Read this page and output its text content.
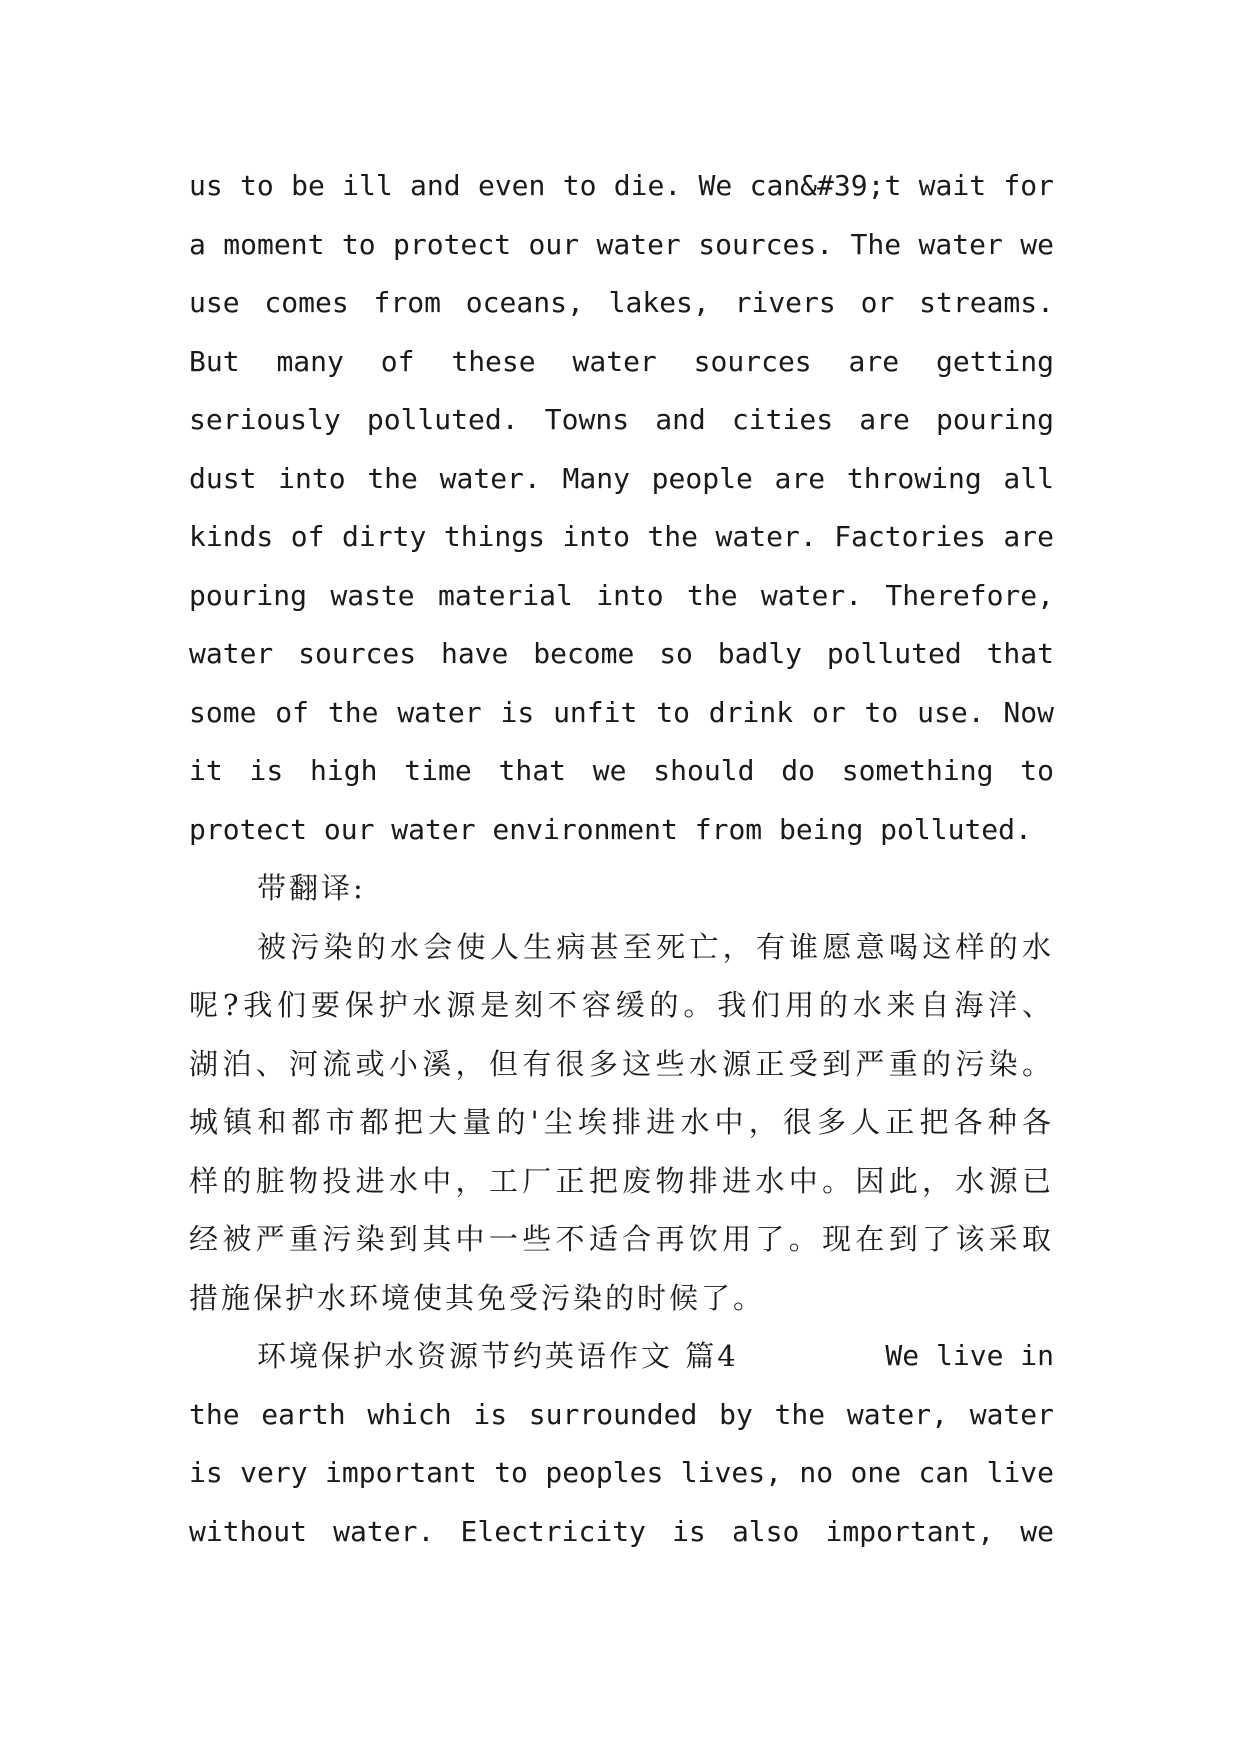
us to be ill and even to die. We can&#39;t wait for
a moment to protect our water sources. The water we
use comes from oceans, lakes, rivers or streams.
But many of these water sources are getting
seriously polluted. Towns and cities are pouring
dust into the water. Many people are throwing all
kinds of dirty things into the water. Factories are
pouring waste material into the water. Therefore,
water sources have become so badly polluted that
some of the water is unfit to drink or to use. Now
it is high time that we should do something to
protect our water environment from being polluted.
带翻译:
被污染的水会使人生病甚至死亡，有谁愿意喝这样的水
呢?我们要保护水源是刻不容缓的。我们用的水来自海洋、
湖泊、河流或小溪，但有很多这些水源正受到严重的污染。
城镇和都市都把大量的'尘埃排进水中，很多人正把各种各
样的脏物投进水中，工厂正把废物排进水中。因此，水源已
经被严重污染到其中一些不适合再饮用了。现在到了该采取
措施保护水环境使其免受污染的时候了。
环境保护水资源节约英语作文 篇4	We live in
the earth which is surrounded by the water, water
is very important to peoples lives, no one can live
without water. Electricity is also important, we
